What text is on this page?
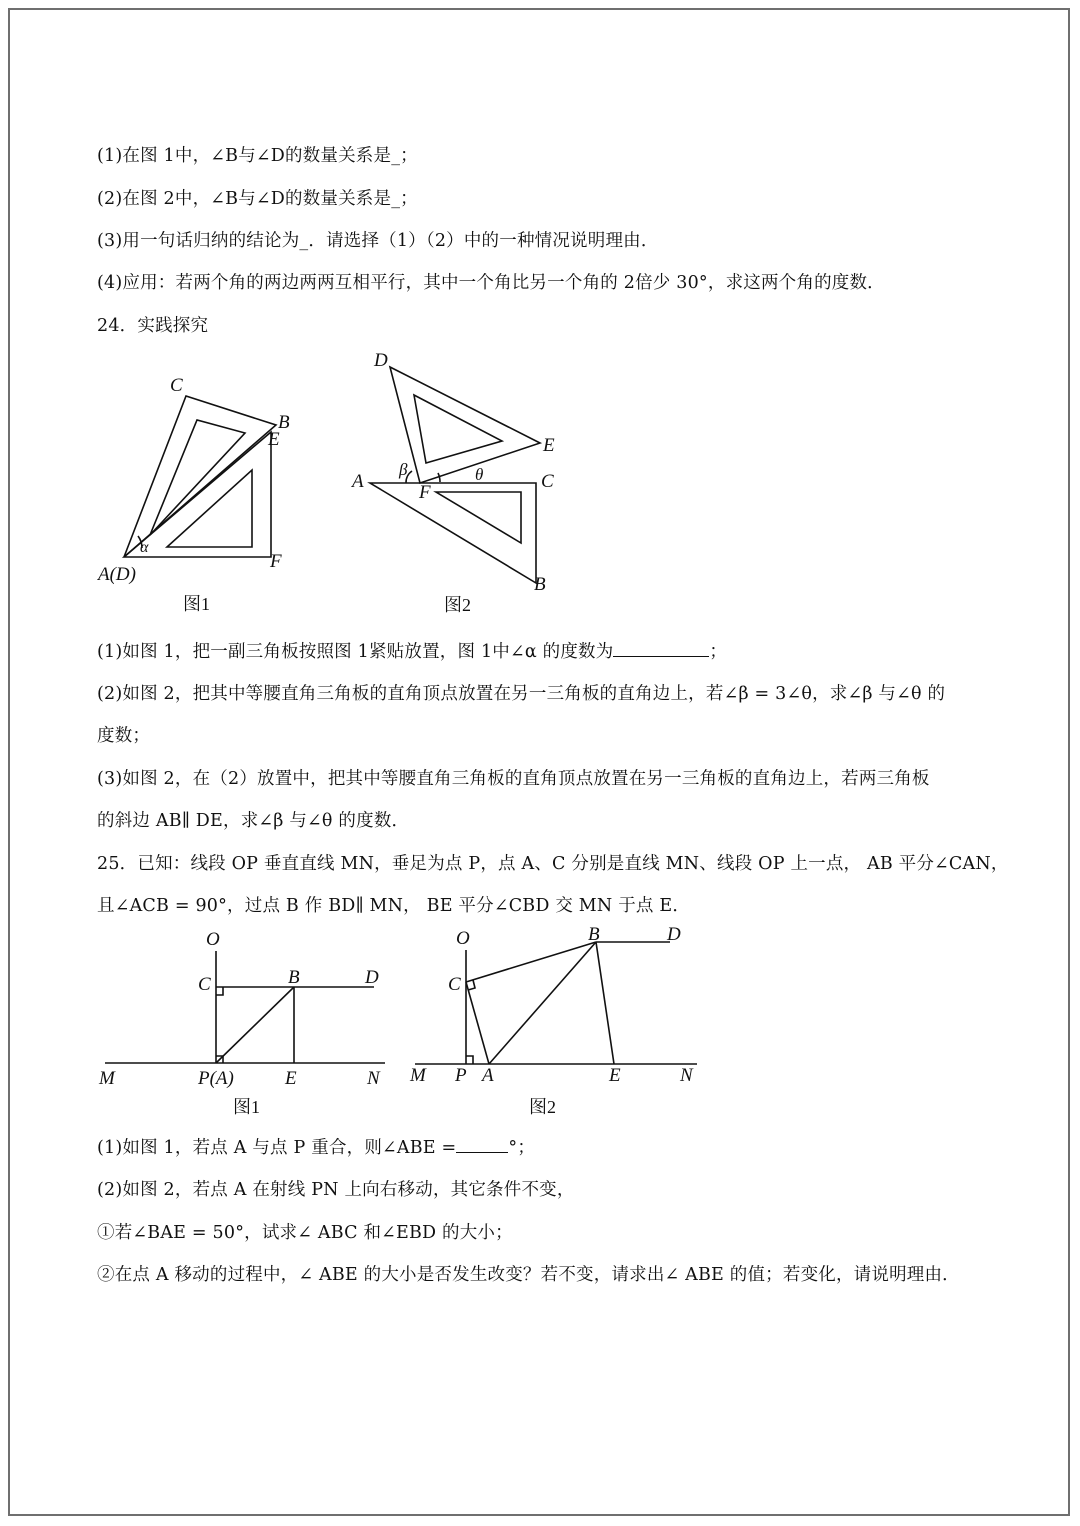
(1)在图 1中，∠B与∠D的数量关系是_；
(2)在图 2中，∠B与∠D的数量关系是_；
(3)用一句话归纳的结论为_．请选择（1）（2）中的一种情况说明理由．
(4)应用：若两个角的两边两两互相平行，其中一个角比另一个角的 2倍少 30°，求这两个角的度数．
24．实践探究
C
B
E
α
A(D)
F
图1
D
E
β	θ
A
F
C
B
图2
(1)如图 1，把一副三角板按照图 1紧贴放置，图 1中∠α 的度数为	；
(2)如图 2，把其中等腰直角三角板的直角顶点放置在另一三角板的直角边上，若∠β = 3∠θ，求∠β 与∠θ 的
度数；
(3)如图 2，在（2）放置中，把其中等腰直角三角板的直角顶点放置在另一三角板的直角边上，若两三角板
的斜边 AB∥ DE，求∠β 与∠θ 的度数．
25．已知：线段 OP 垂直直线 MN，垂足为点 P，点 A、C 分别是直线 MN、线段 OP 上一点， AB 平分∠CAN，
且∠ACB = 90°，过点 B 作 BD∥ MN， BE 平分∠CBD 交 MN 于点 E．
O
C	B	D
M	P(A)	E	N
图1
O	B	D
C
M P A	E	N
图2
(1)如图 1，若点 A 与点 P 重合，则∠ABE =	°；
(2)如图 2，若点 A 在射线 PN 上向右移动，其它条件不变，
①若∠BAE = 50°，试求∠ ABC 和∠EBD 的大小；
②在点 A 移动的过程中，∠ ABE 的大小是否发生改变？若不变，请求出∠ ABE 的值；若变化，请说明理由．
